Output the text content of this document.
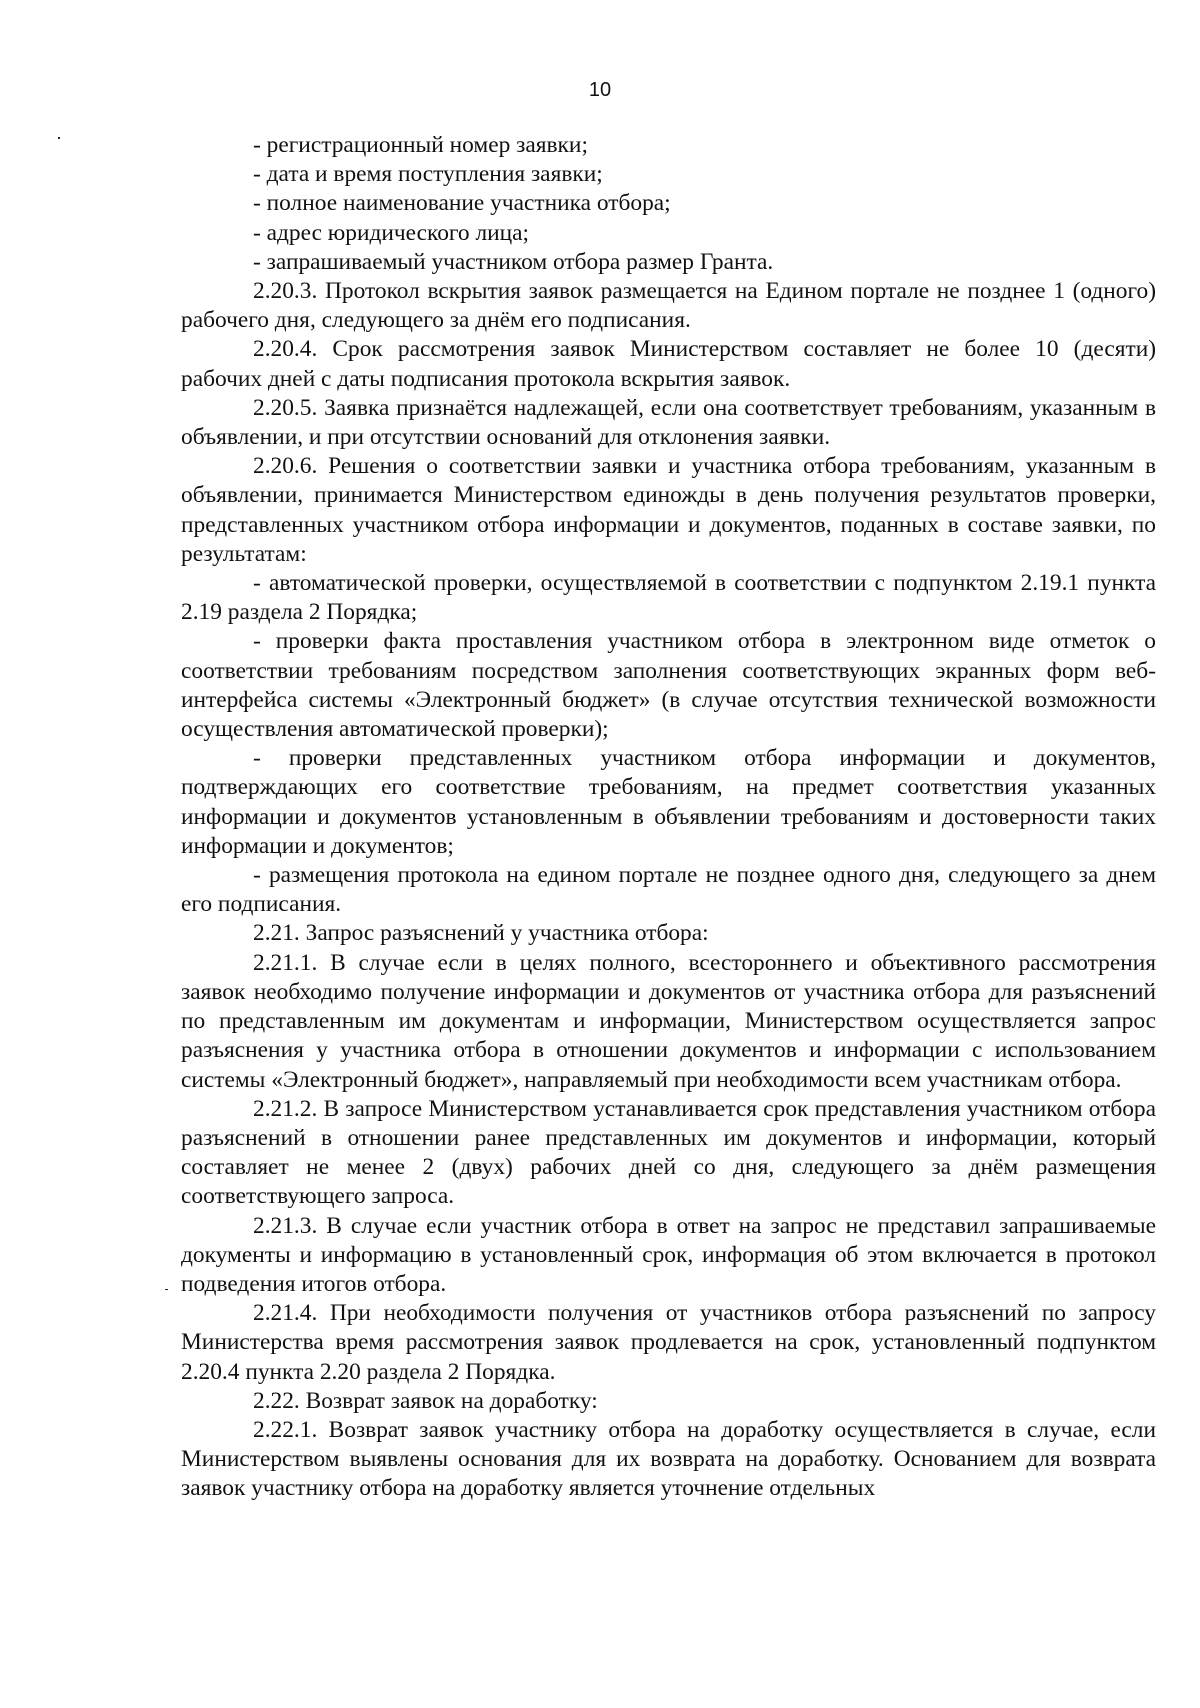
10

- регистрационный номер заявки;

- дата и время поступления заявки;

- полное наименование участника отбора;

- адрес юридического лица;

- запрашиваемый участником отбора размер Гранта.

2.20.3. Протокол вскрытия заявок размещается на Едином портале не позднее 1 (одного) рабочего дня, следующего за днём его подписания.

2.20.4. Срок рассмотрения заявок Министерством составляет не более 10 (десяти) рабочих дней с даты подписания протокола вскрытия заявок.

2.20.5. Заявка признаётся надлежащей, если она соответствует требованиям, указанным в объявлении, и при отсутствии оснований для отклонения заявки.

2.20.6. Решения о соответствии заявки и участника отбора требованиям, указанным в объявлении, принимается Министерством единожды в день получения результатов проверки, представленных участником отбора информации и документов, поданных в составе заявки, по результатам:

- автоматической проверки, осуществляемой в соответствии с подпунктом 2.19.1 пункта 2.19 раздела 2 Порядка;

- проверки факта проставления участником отбора в электронном виде отметок о соответствии требованиям посредством заполнения соответствующих экранных форм веб-интерфейса системы «Электронный бюджет» (в случае отсутствия технической возможности осуществления автоматической проверки);

- проверки представленных участником отбора информации и документов, подтверждающих его соответствие требованиям, на предмет соответствия указанных информации и документов установленным в объявлении требованиям и достоверности таких информации и документов;

- размещения протокола на едином портале не позднее одного дня, следующего за днем его подписания.

2.21. Запрос разъяснений у участника отбора:

2.21.1. В случае если в целях полного, всестороннего и объективного рассмотрения заявок необходимо получение информации и документов от участника отбора для разъяснений по представленным им документам и информации, Министерством осуществляется запрос разъяснения у участника отбора в отношении документов и информации с использованием системы «Электронный бюджет», направляемый при необходимости всем участникам отбора.

2.21.2. В запросе Министерством устанавливается срок представления участником отбора разъяснений в отношении ранее представленных им документов и информации, который составляет не менее 2 (двух) рабочих дней со дня, следующего за днём размещения соответствующего запроса.

2.21.3. В случае если участник отбора в ответ на запрос не представил запрашиваемые документы и информацию в установленный срок, информация об этом включается в протокол подведения итогов отбора.

2.21.4. При необходимости получения от участников отбора разъяснений по запросу Министерства время рассмотрения заявок продлевается на срок, установленный подпунктом 2.20.4 пункта 2.20 раздела 2 Порядка.

2.22. Возврат заявок на доработку:

2.22.1. Возврат заявок участнику отбора на доработку осуществляется в случае, если Министерством выявлены основания для их возврата на доработку. Основанием для возврата заявок участнику отбора на доработку является уточнение отдельных
